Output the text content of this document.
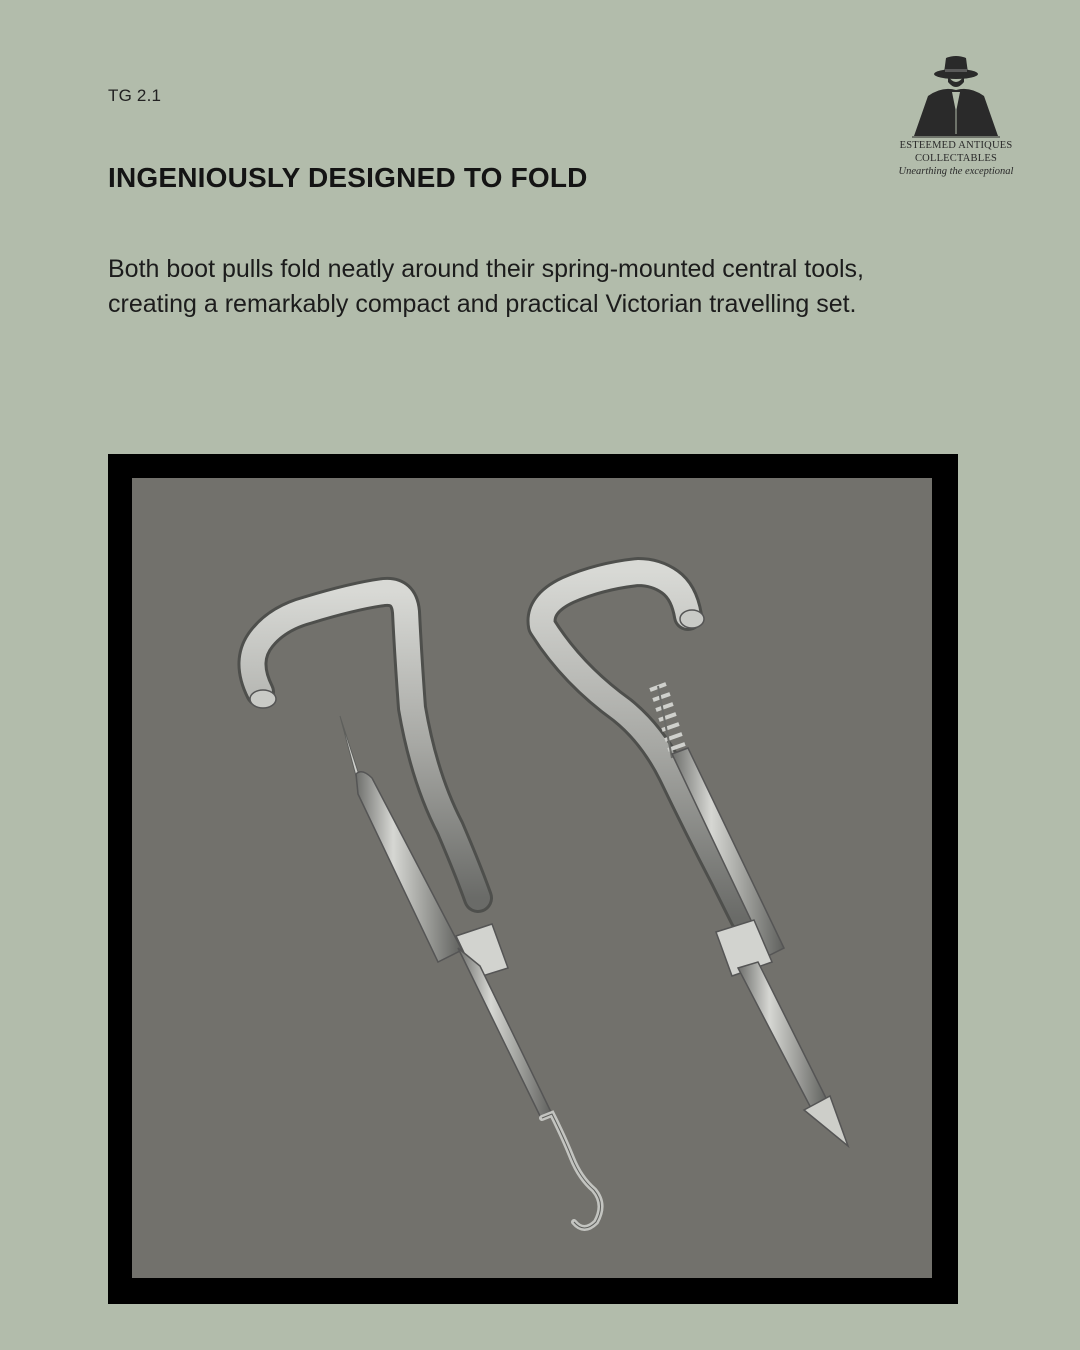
TG 2.1
INGENIOUSLY DESIGNED TO FOLD

Both boot pulls fold neatly around their spring-mounted central tools, creating a remarkably compact and practical Victorian travelling set.

ESTEEMED ANTIQUES
COLLECTABLES
Unearthing the exceptional
